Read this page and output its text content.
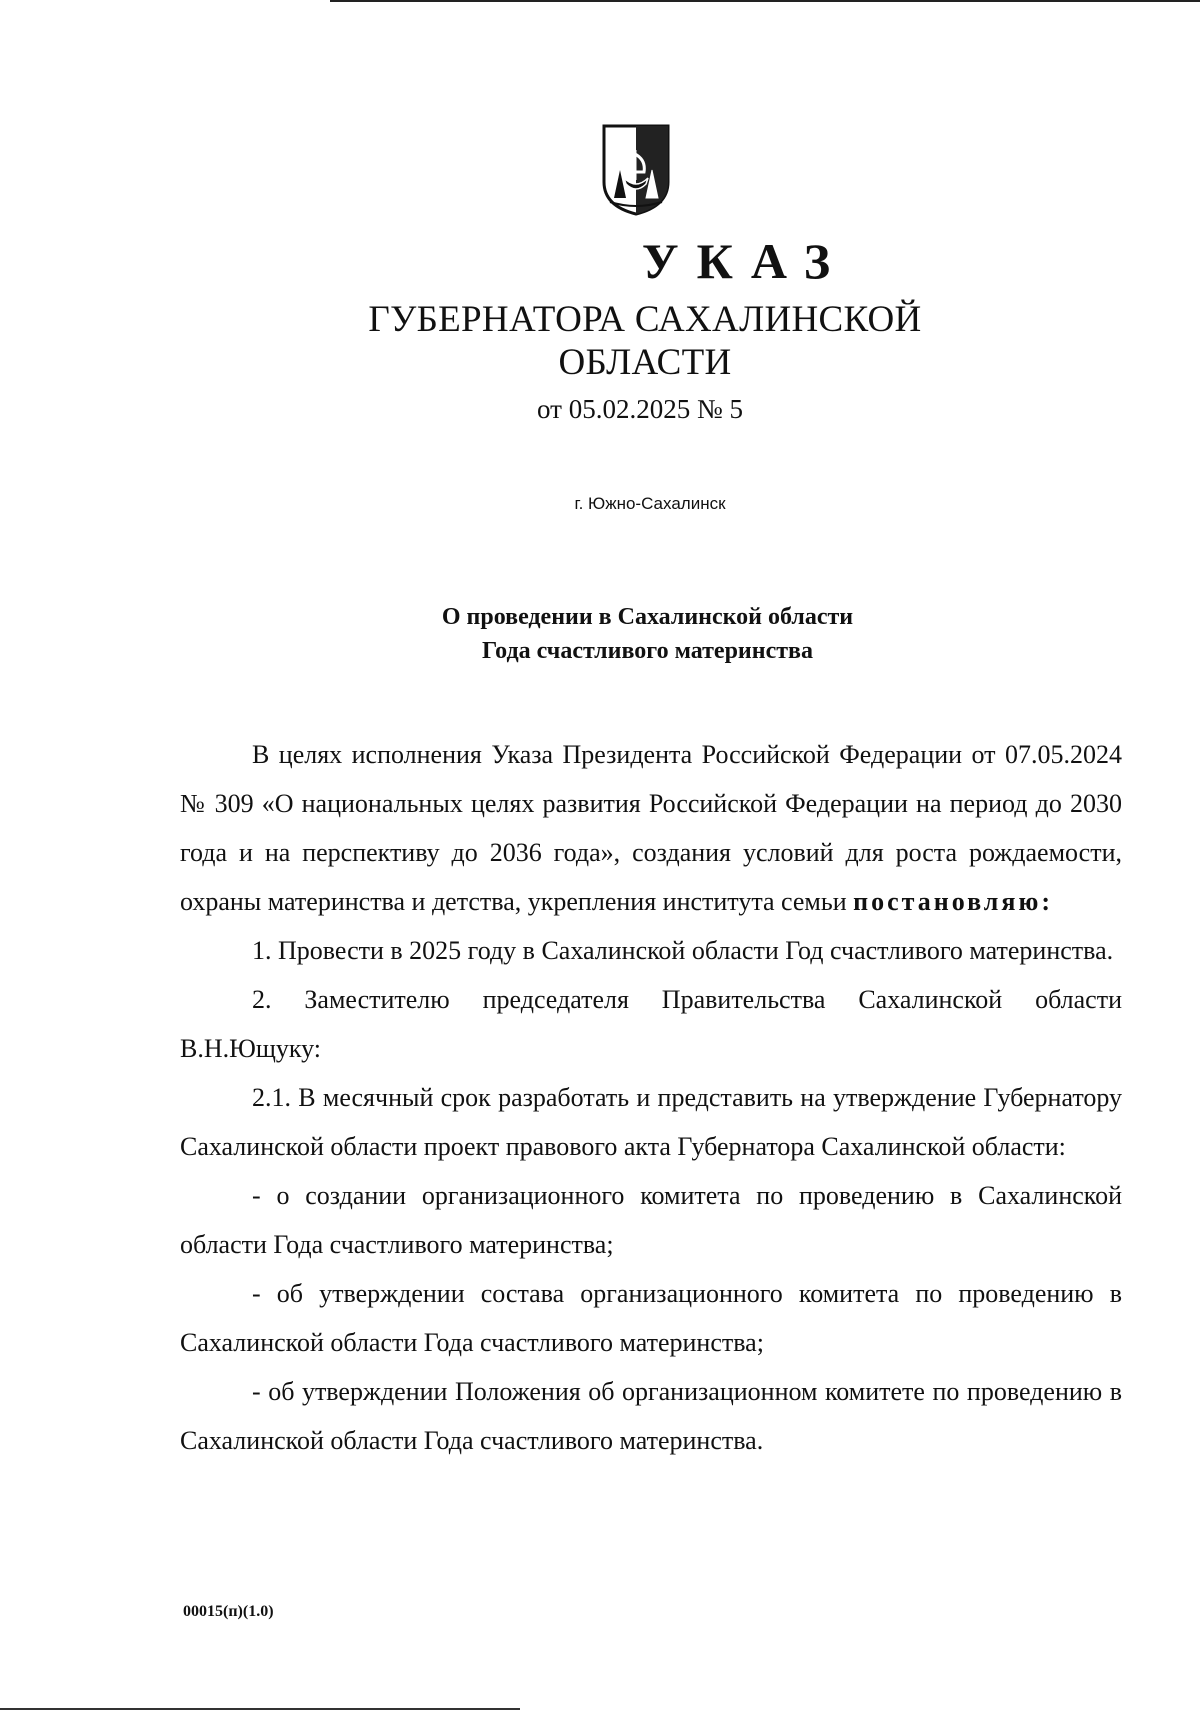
УКАЗ
ГУБЕРНАТОРА САХАЛИНСКОЙ ОБЛАСТИ
от 05.02.2025 № 5
г. Южно-Сахалинск
О проведении в Сахалинской области
Года счастливого материнства

В целях исполнения Указа Президента Российской Федерации от 07.05.2024 № 309 «О национальных целях развития Российской Федерации на период до 2030 года и на перспективу до 2036 года», создания условий для роста рождаемости, охраны материнства и детства, укрепления института семьи постановляю:

1. Провести в 2025 году в Сахалинской области Год счастливого материнства.

2. Заместителю председателя Правительства Сахалинской области В.Н.Ющуку:

2.1. В месячный срок разработать и представить на утверждение Губернатору Сахалинской области проект правового акта Губернатора Сахалинской области:

- о создании организационного комитета по проведению в Сахалинской области Года счастливого материнства;

- об утверждении состава организационного комитета по проведению в Сахалинской области Года счастливого материнства;

- об утверждении Положения об организационном комитете по проведению в Сахалинской области Года счастливого материнства.

00015(п)(1.0)
